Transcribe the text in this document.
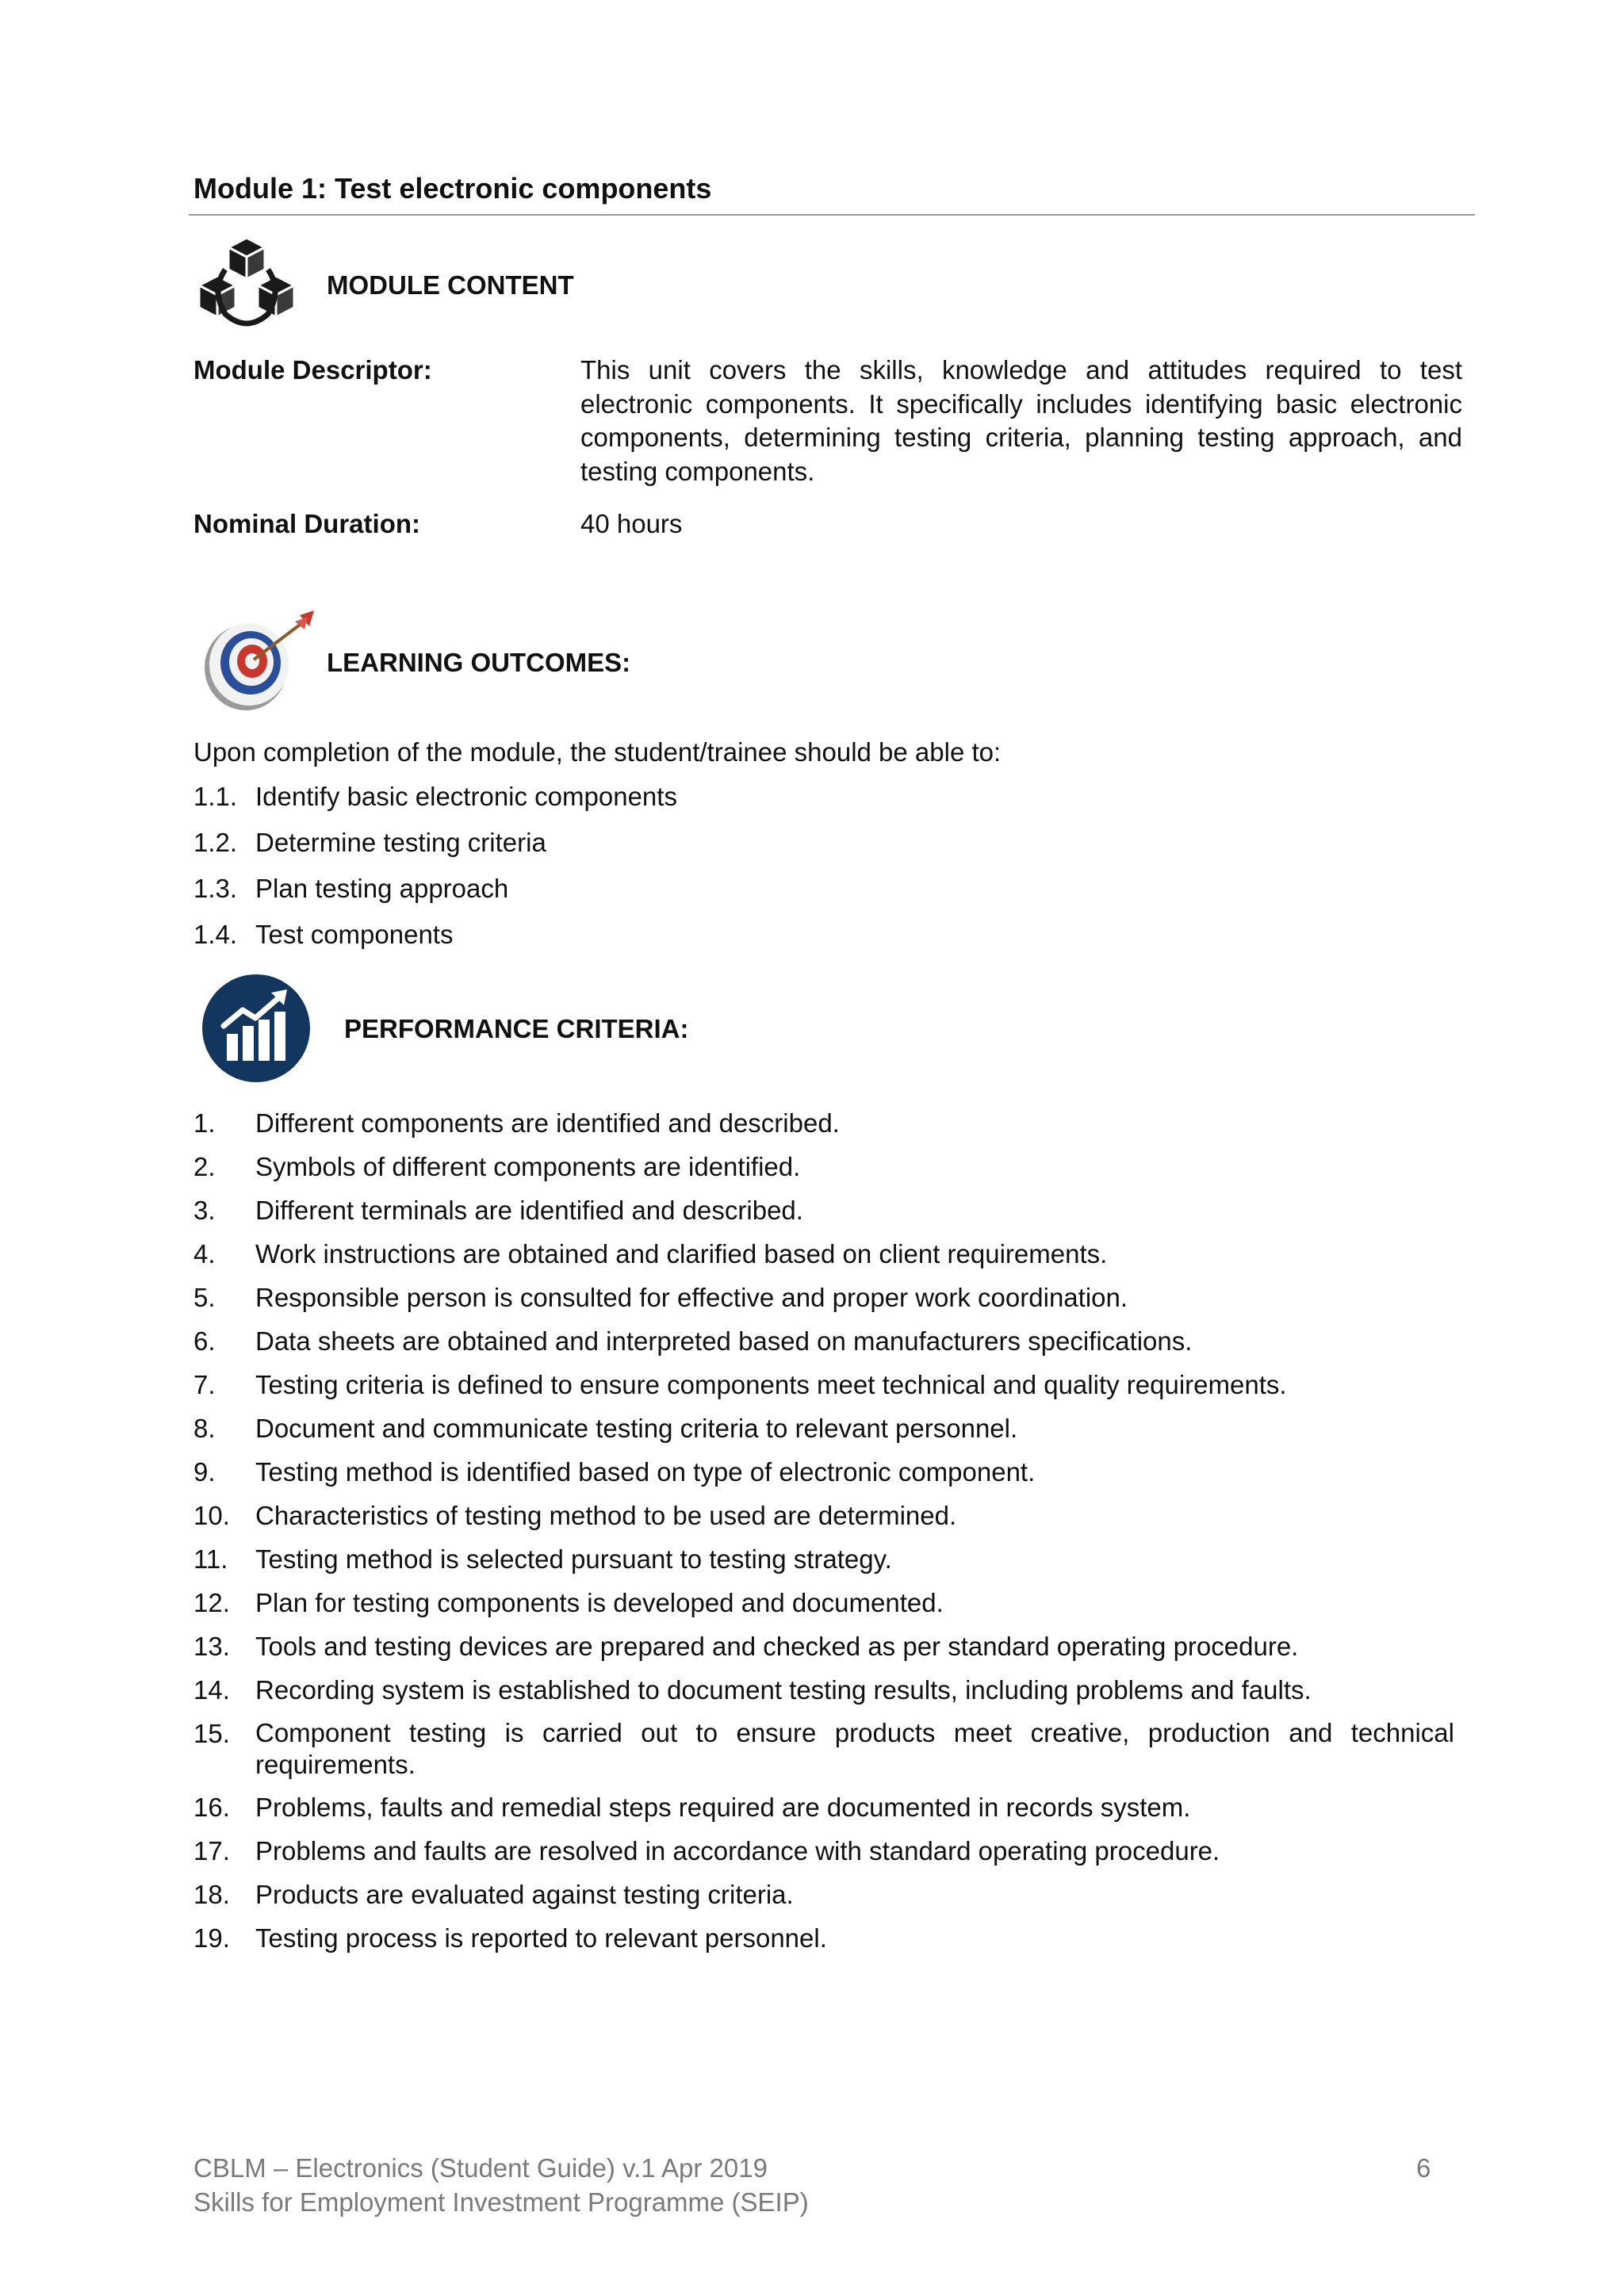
Module 1: Test electronic components
MODULE CONTENT
Module Descriptor:	This unit covers the skills, knowledge and attitudes required to test electronic components. It specifically includes identifying basic electronic components, determining testing criteria, planning testing approach, and testing components.
Nominal Duration:	40 hours
LEARNING OUTCOMES:
Upon completion of the module, the student/trainee should be able to:
1.1. Identify basic electronic components
1.2. Determine testing criteria
1.3. Plan testing approach
1.4. Test components
PERFORMANCE CRITERIA:
1. Different components are identified and described.
2. Symbols of different components are identified.
3. Different terminals are identified and described.
4. Work instructions are obtained and clarified based on client requirements.
5. Responsible person is consulted for effective and proper work coordination.
6. Data sheets are obtained and interpreted based on manufacturers specifications.
7. Testing criteria is defined to ensure components meet technical and quality requirements.
8. Document and communicate testing criteria to relevant personnel.
9. Testing method is identified based on type of electronic component.
10. Characteristics of testing method to be used are determined.
11. Testing method is selected pursuant to testing strategy.
12. Plan for testing components is developed and documented.
13. Tools and testing devices are prepared and checked as per standard operating procedure.
14. Recording system is established to document testing results, including problems and faults.
15. Component testing is carried out to ensure products meet creative, production and technical requirements.
16. Problems, faults and remedial steps required are documented in records system.
17. Problems and faults are resolved in accordance with standard operating procedure.
18. Products are evaluated against testing criteria.
19. Testing process is reported to relevant personnel.
CBLM – Electronics (Student Guide) v.1 Apr 2019
Skills for Employment Investment Programme (SEIP)
6
